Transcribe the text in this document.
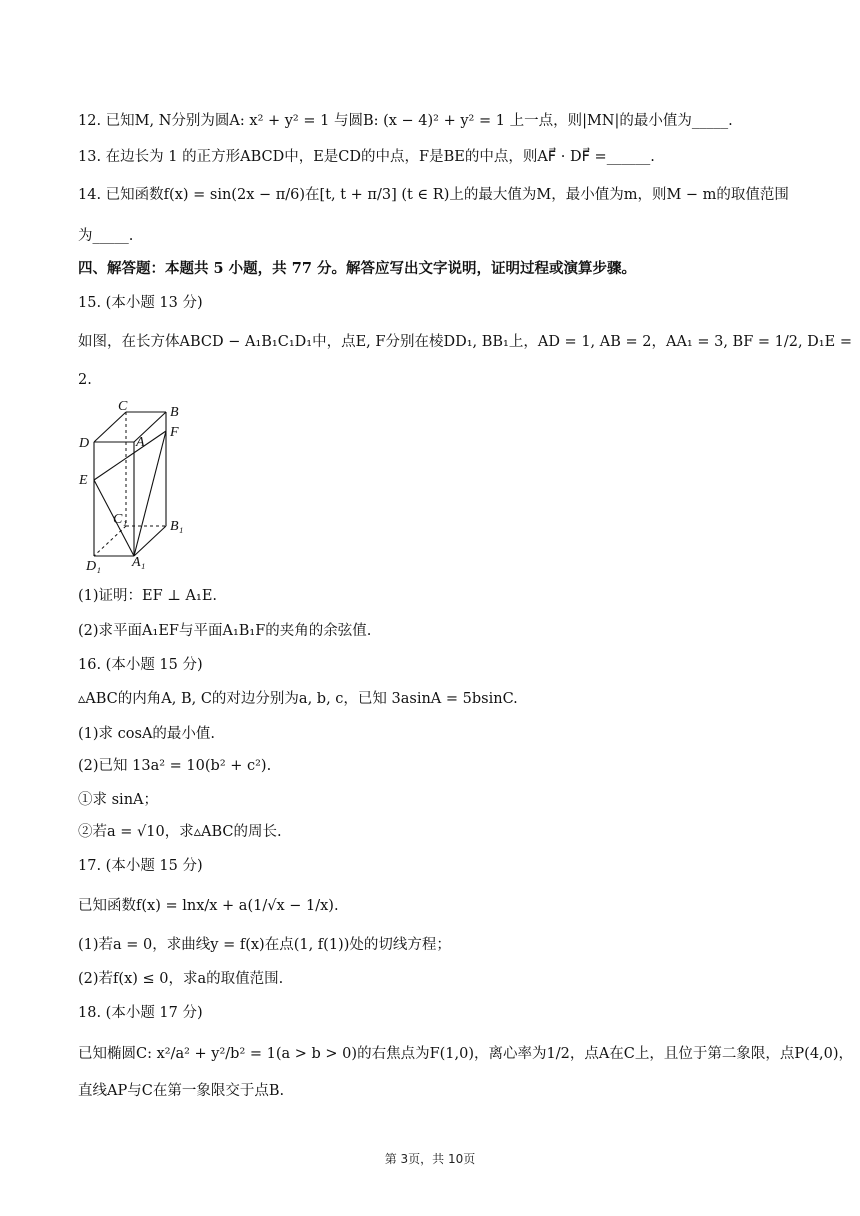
12. 已知M, N分别为圆A: x² + y² = 1 与圆B: (x − 4)² + y² = 1 上一点，则|MN|的最小值为_____.
13. 在边长为 1 的正方形ABCD中，E是CD的中点，F是BE的中点，则AF⃗ · DF⃗ =______.
14. 已知函数f(x) = sin(2x − π/6)在[t, t + π/3] (t ∈ R)上的最大值为M，最小值为m，则M − m的取值范围
为_____.
四、解答题：本题共 5 小题，共 77 分。解答应写出文字说明，证明过程或演算步骤。
15. (本小题 13 分)
如图，在长方体ABCD − A₁B₁C₁D₁中，点E, F分别在棱DD₁, BB₁上，AD = 1, AB = 2，AA₁ = 3, BF = 1/2, D₁E =
2.
C	B
D	A
F
E
C₁	B₁
D₁ A₁
(1)证明：EF ⊥ A₁E.
(2)求平面A₁EF与平面A₁B₁F的夹角的余弦值.
16. (本小题 15 分)
▵ABC的内角A, B, C的对边分别为a, b, c，已知 3asinA = 5bsinC.
(1)求 cosA的最小值.
(2)已知 13a² = 10(b² + c²).
①求 sinA；
②若a = √10，求▵ABC的周长.
17. (本小题 15 分)
已知函数f(x) = lnx/x + a(1/√x − 1/x).
(1)若a = 0，求曲线y = f(x)在点(1, f(1))处的切线方程；
(2)若f(x) ≤ 0，求a的取值范围.
18. (本小题 17 分)
已知椭圆C: x²/a² + y²/b² = 1(a > b > 0)的右焦点为F(1,0)，离心率为1/2，点A在C上，且位于第二象限，点P(4,0)，
直线AP与C在第一象限交于点B.
第 3页，共 10页
